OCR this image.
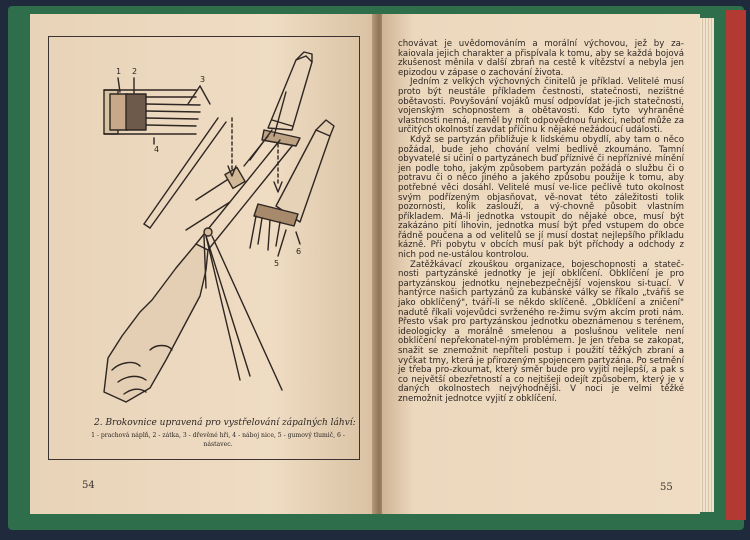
1 2
3
4
5
6
2. Brokovnice upravená pro vystřelování zápalných láhví:
1 - prachová náplň, 2 - zátka, 3 - dřevěné hři, 4 - náboj nice, 5 - gumový tlumič, 6 - nástavec.
54

chovávat je uvědomováním a morální výchovou, jež by za-kaiovala jejich charakter a přispívala k tomu, aby se každá bojová zkušenost měnila v další zbraň na cestě k vítězství a nebyla jen epizodou v zápase o zachování života.

Jedním z velkých výchovných činitelů je příklad. Velitelé musí proto být neustále příkladem čestnosti, statečnosti, nezištné obětavosti. Povyšování vojáků musí odpovídat je-jich statečnosti, vojenským schopnostem a obětavosti. Kdo tyto vyhraněné vlastnosti nemá, neměl by mít odpovědnou funkci, neboť může za určitých okolností zavdat příčinu k nějaké nežádoucí události.

Když se partyzán přibližuje k lidskému obydlí, aby tam o něco požádal, bude jeho chování velmi bedlivě zkoumáno. Tamní obyvatelé si učiní o partyzánech buď příznivé či nepříznivé mínění jen podle toho, jakým způsobem partyzán požádá o službu či o potravu či o něco jiného a jakého způsobu použije k tomu, aby potřebné věci dosáhl. Velitelé musí ve-lice pečlivě tuto okolnost svým podřízeným objasňovat, vě-novat této záležitosti tolik pozornosti, kolik zaslouží, a vý-chovně působit vlastním příkladem. Má-li jednotka vstoupit do nějaké obce, musí být zakázáno pití lihovin, jednotka musí být před vstupem do obce řádně poučena a od velitelů se jí musí dostat nejlepšího příkladu kázně. Při pobytu v obcích musí pak být příchody a odchody z nich pod ne-ustálou kontrolou.

Zatěžkávací zkouškou organizace, bojeschopnosti a stateč-nosti partyzánské jednotky je její obklíčení. Obklíčení je pro partyzánskou jednotku nejnebezpečnější vojenskou si-tuací. V hantýrce našich partyzánů za kubánské války se říkalo „tvářiš se jako obklíčený", tváří-li se někdo sklíčeně. „Obklíčení a zničení" nadutě říkali vojevůdci svrženého re-žimu svým akcím proti nám. Přesto však pro partyzánskou jednotku obeznámenou s terénem, ideologicky a morálně smelenou a poslušnou velitele není obklíčení nepřekonatel-ným problémem. Je jen třeba se zakopat, snažit se znemožnit nepříteli postup i použití těžkých zbraní a vyčkat tmy, která je přirozeným spojencem partyzána. Po setmění je třeba pro-zkoumat, který směr bude pro vyjití nejlepší, a pak s co největší obezřetností a co nejtišeji odejít způsobem, který je v daných okolnostech nejvýhodnější. V noci je velmi těžké znemožnit jednotce vyjití z obklíčení.

55
